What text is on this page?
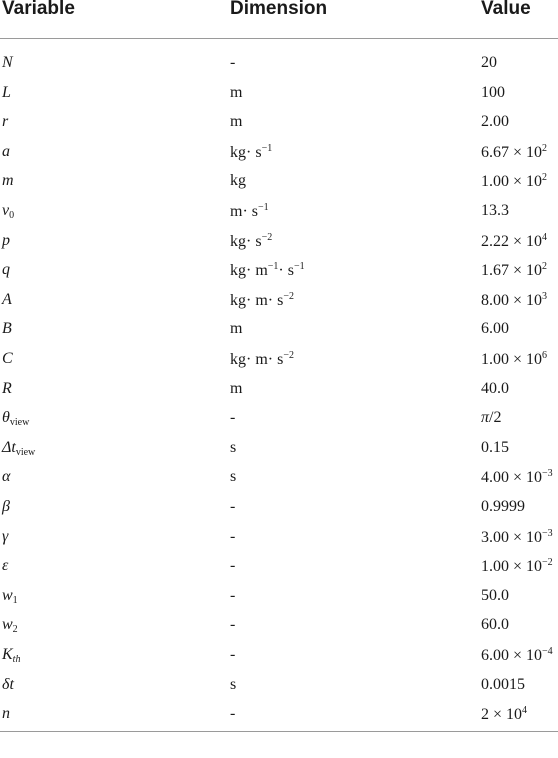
Variable	Dimension	Value
N	-	20
L	m	100
r	m	2.00
a	$kg\cdot s^{-1}$	$6.67 \times 10^2$
m	kg	$1.00 \times 10^2$
$v_0$	$m\cdot s^{-1}$	13.3
p	$kg\cdot s^{-2}$	$2.22 \times 10^4$
q	$kg\cdot m^{-1}\cdot s^{-1}$	$1.67 \times 10^2$
A	$kg\cdot m\cdot s^{-2}$	$8.00 \times 10^3$
B	m	6.00
C	$kg\cdot m\cdot s^{-2}$	$1.00 \times 10^6$
R	m	40.0
$\theta_{view}$	-	π/2
$\Delta t_{view}$	s	0.15
α	s	$4.00 \times 10^{-3}$
β	-	0.9999
γ	-	$3.00 \times 10^{-3}$
ε	-	$1.00 \times 10^{-2}$
$w_1$	-	50.0
$w_2$	-	60.0
$K_{th}$	-	$6.00 \times 10^{-4}$
δt	s	0.0015
n	-	$2 \times 10^4$
